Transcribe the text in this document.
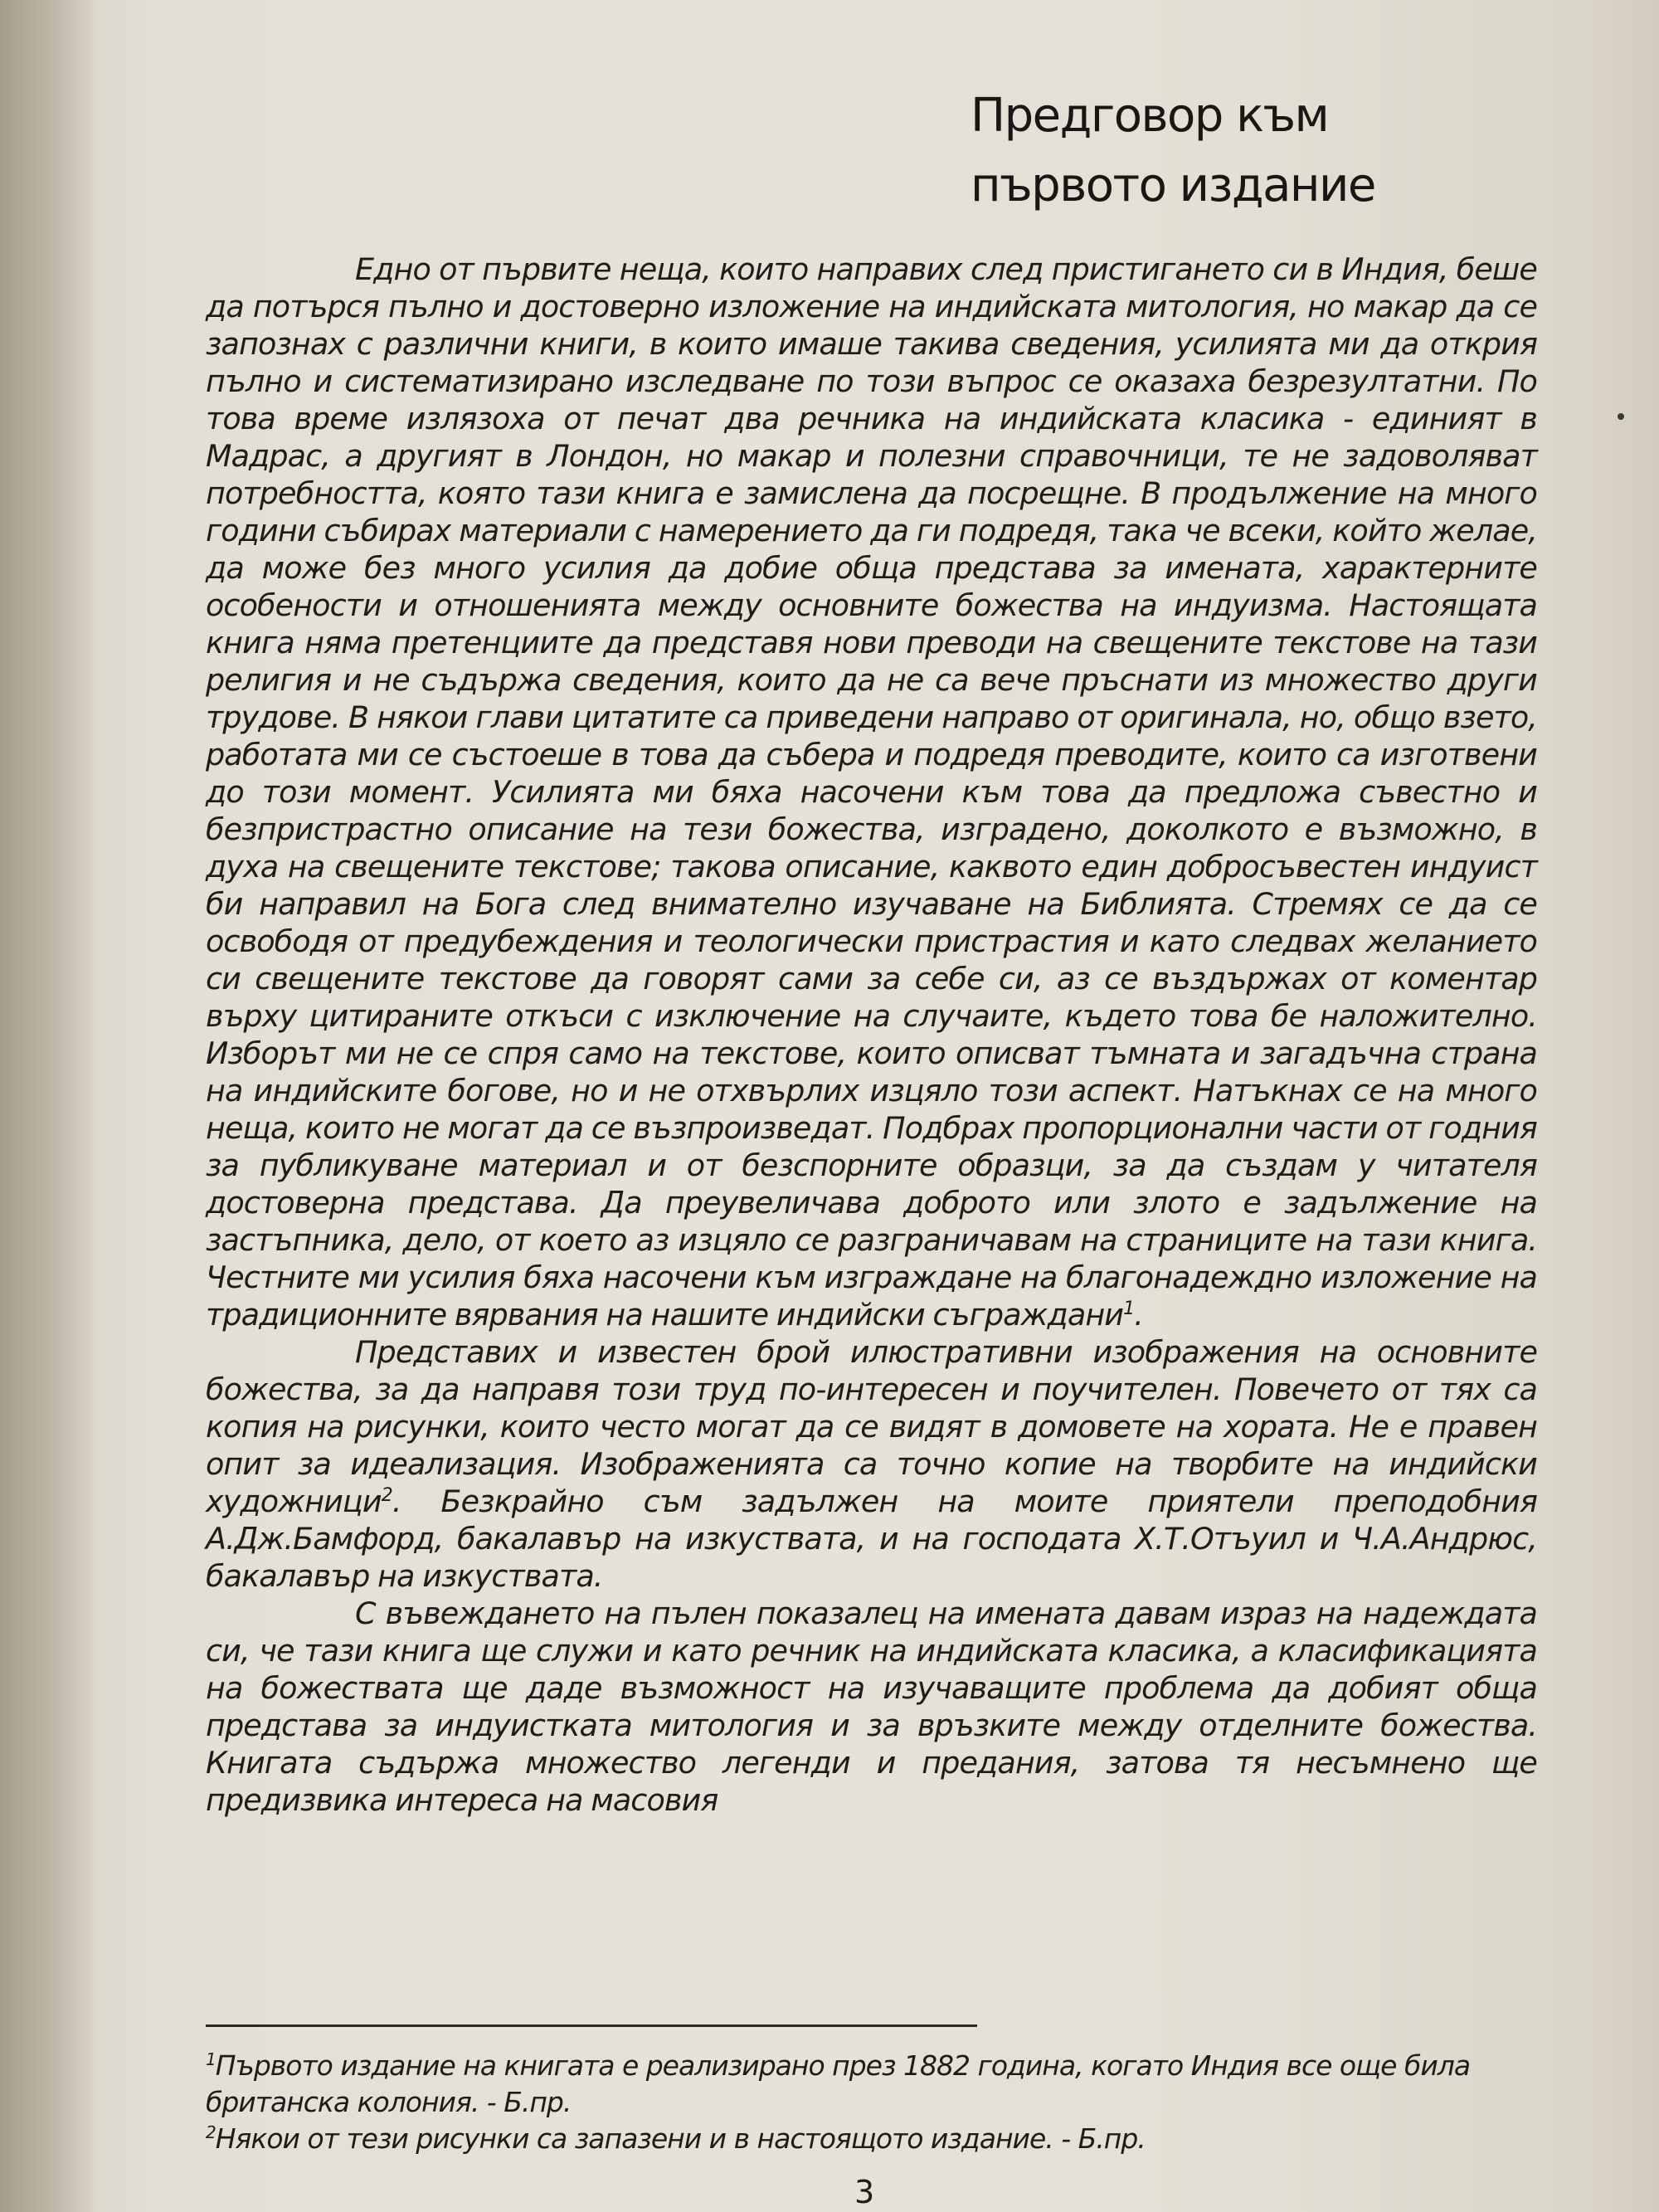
Предговор към първото издание

Едно от първите неща, които направих след пристигането си в Индия, беше да потърся пълно и достоверно изложение на индийската митология, но макар да се запознах с различни книги, в които имаше такива сведения, усилията ми да открия пълно и систематизирано изследване по този въпрос се оказаха безрезултатни. По това време излязоха от печат два речника на индийската класика - единият в Мадрас, а другият в Лондон, но макар и полезни справочници, те не задоволяват потребността, която тази книга е замислена да посрещне. В продължение на много години събирах материали с намерението да ги подредя, така че всеки, който желае, да може без много усилия да добие обща представа за имената, характерните особености и отношенията между основните божества на индуизма. Настоящата книга няма претенциите да представя нови преводи на свещените текстове на тази религия и не съдържа сведения, които да не са вече пръснати из множество други трудове. В някои глави цитатите са приведени направо от оригинала, но, общо взето, работата ми се състоеше в това да събера и подредя преводите, които са изготвени до този момент. Усилията ми бяха насочени към това да предложа съвестно и безпристрастно описание на тези божества, изградено, доколкото е възможно, в духа на свещените текстове; такова описание, каквото един добросъвестен индуист би направил на Бога след внимателно изучаване на Библията. Стремях се да се освободя от предубеждения и теологически пристрастия и като следвах желанието си свещените текстове да говорят сами за себе си, аз се въздържах от коментар върху цитираните откъси с изключение на случаите, където това бе наложително. Изборът ми не се спря само на текстове, които описват тъмната и загадъчна страна на индийските богове, но и не отхвърлих изцяло този аспект. Натъкнах се на много неща, които не могат да се възпроизведат. Подбрах пропорционални части от годния за публикуване материал и от безспорните образци, за да създам у читателя достоверна представа. Да преувеличава доброто или злото е задължение на застъпника, дело, от което аз изцяло се разграничавам на страниците на тази книга. Честните ми усилия бяха насочени към изграждане на благонадеждно изложение на традиционните вярвания на нашите индийски съграждани$^1$.

Представих и известен брой илюстративни изображения на основните божества, за да направя този труд по-интересен и поучителен. Повечето от тях са копия на рисунки, които често могат да се видят в домовете на хората. Не е правен опит за идеализация. Изображенията са точно копие на творбите на индийски художници$^2$. Безкрайно съм задължен на моите приятели преподобния А.Дж.Бамфорд, бакалавър на изкуствата, и на господата Х.Т.Отъуил и Ч.А.Андрюс, бакалавър на изкуствата.

С въвеждането на пълен показалец на имената давам израз на надеждата си, че тази книга ще служи и като речник на индийската класика, а класификацията на божествата ще даде възможност на изучаващите проблема да добият обща представа за индуистката митология и за връзките между отделните божества. Книгата съдържа множество легенди и предания, затова тя несъмнено ще предизвика интереса на масовия

$^1$Първото издание на книгата е реализирано през 1882 година, когато Индия все още била британска колония. - Б.пр.

$^2$Някои от тези рисунки са запазени и в настоящото издание. - Б.пр.

3
